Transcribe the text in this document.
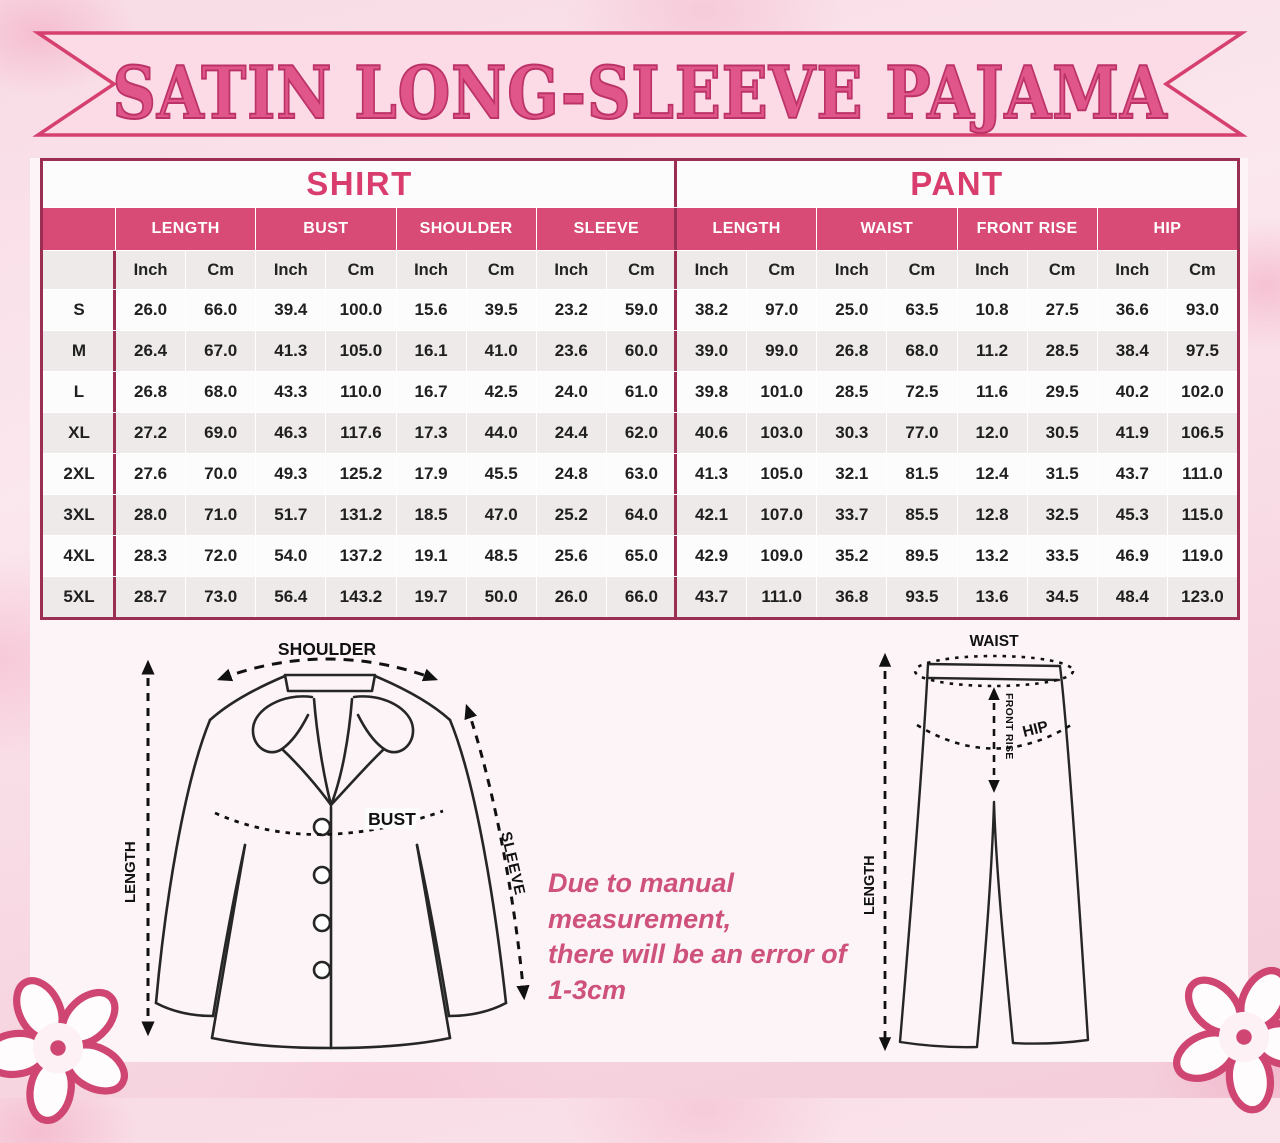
SATIN LONG-SLEEVE PAJAMA
SHIRT	PANT
LENGTH	BUST	SHOULDER	SLEEVE	LENGTH	WAIST	FRONT RISE	HIP
Inch	Cm	Inch	Cm	Inch	Cm	Inch	Cm	Inch	Cm	Inch	Cm	Inch	Cm	Inch	Cm
S	26.0	66.0	39.4	100.0	15.6	39.5	23.2	59.0	38.2	97.0	25.0	63.5	10.8	27.5	36.6	93.0
M	26.4	67.0	41.3	105.0	16.1	41.0	23.6	60.0	39.0	99.0	26.8	68.0	11.2	28.5	38.4	97.5
L	26.8	68.0	43.3	110.0	16.7	42.5	24.0	61.0	39.8	101.0	28.5	72.5	11.6	29.5	40.2	102.0
XL	27.2	69.0	46.3	117.6	17.3	44.0	24.4	62.0	40.6	103.0	30.3	77.0	12.0	30.5	41.9	106.5
2XL	27.6	70.0	49.3	125.2	17.9	45.5	24.8	63.0	41.3	105.0	32.1	81.5	12.4	31.5	43.7	111.0
3XL	28.0	71.0	51.7	131.2	18.5	47.0	25.2	64.0	42.1	107.0	33.7	85.5	12.8	32.5	45.3	115.0
4XL	28.3	72.0	54.0	137.2	19.1	48.5	25.6	65.0	42.9	109.0	35.2	89.5	13.2	33.5	46.9	119.0
5XL	28.7	73.0	56.4	143.2	19.7	50.0	26.0	66.0	43.7	111.0	36.8	93.5	13.6	34.5	48.4	123.0
SHOULDER
LENGTH
BUST
SLEEVE
WAIST
LENGTH
FRONT RISE HIP
Due to manual measurement,
there will be an error of 1-3cm
